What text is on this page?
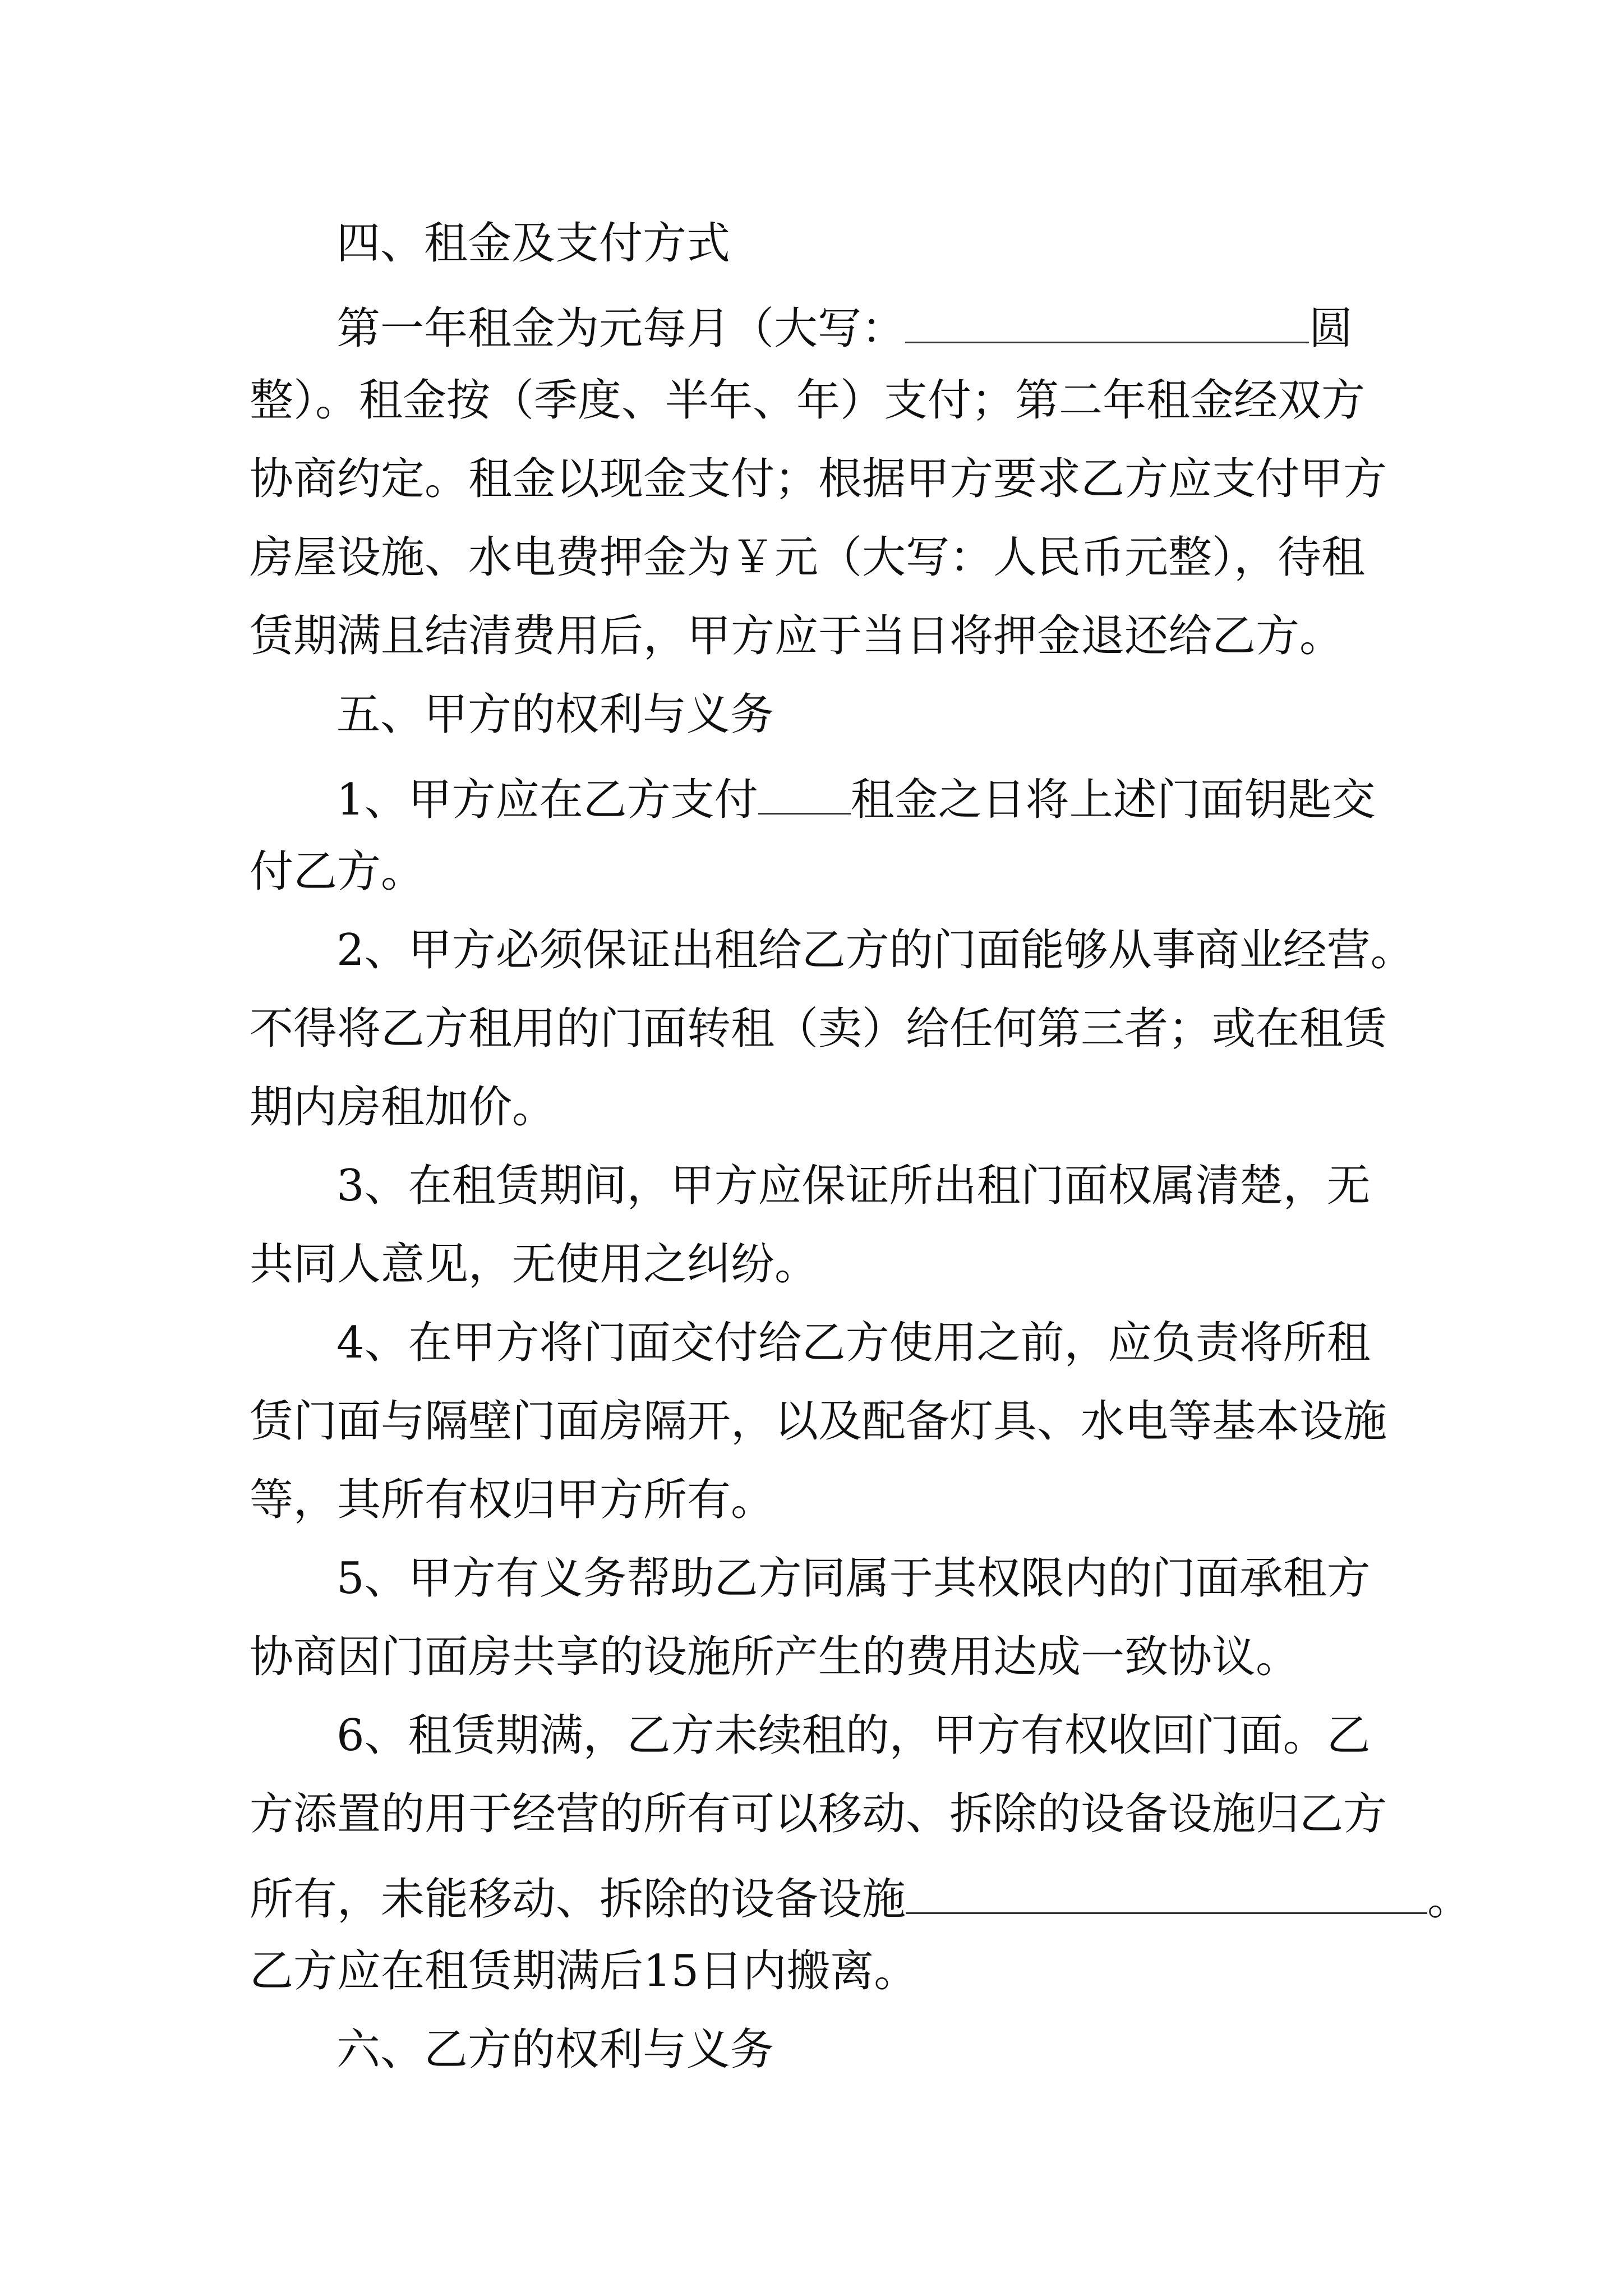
四、租金及支付方式
第一年租金为元每月（大写：	圆
整）。租金按（季度、半年、年）支付；第二年租金经双方
协商约定。租金以现金支付；根据甲方要求乙方应支付甲方
房屋设施、水电费押金为￥元（大写：人民币元整），待租
赁期满且结清费用后，甲方应于当日将押金退还给乙方。
五、甲方的权利与义务
1、甲方应在乙方支付 租金之日将上述门面钥匙交
付乙方。
2、甲方必须保证出租给乙方的门面能够从事商业经营。
不得将乙方租用的门面转租（卖）给任何第三者；或在租赁
期内房租加价。
3、在租赁期间，甲方应保证所出租门面权属清楚，无
共同人意见，无使用之纠纷。
4、在甲方将门面交付给乙方使用之前，应负责将所租
赁门面与隔壁门面房隔开，以及配备灯具、水电等基本设施
等，其所有权归甲方所有。
5、甲方有义务帮助乙方同属于其权限内的门面承租方
协商因门面房共享的设施所产生的费用达成一致协议。
6、租赁期满，乙方未续租的，甲方有权收回门面。乙
方添置的用于经营的所有可以移动、拆除的设备设施归乙方
所有，未能移动、拆除的设备设施	。
乙方应在租赁期满后15日内搬离。
六、乙方的权利与义务
